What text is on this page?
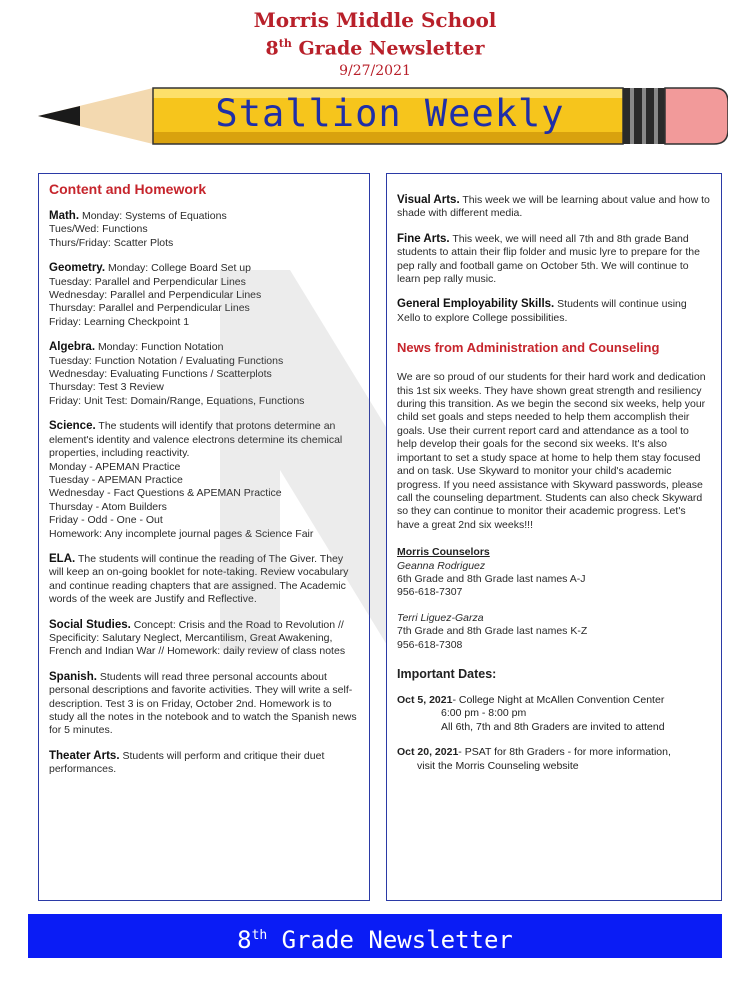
Morris Middle School
8th Grade Newsletter
9/27/2021
Stallion Weekly
Content and Homework
Math. Monday: Systems of Equations
Tues/Wed: Functions
Thurs/Friday: Scatter Plots
Geometry. Monday: College Board Set up
Tuesday: Parallel and Perpendicular Lines
Wednesday: Parallel and Perpendicular Lines
Thursday: Parallel and Perpendicular Lines
Friday: Learning Checkpoint 1
Algebra. Monday: Function Notation
Tuesday: Function Notation / Evaluating Functions
Wednesday: Evaluating Functions / Scatterplots
Thursday: Test 3 Review
Friday: Unit Test: Domain/Range, Equations, Functions
Science. The students will identify that protons determine an element's identity and valence electrons determine its chemical properties, including reactivity.
Monday - APEMAN Practice
Tuesday - APEMAN Practice
Wednesday - Fact Questions & APEMAN Practice
Thursday - Atom Builders
Friday - Odd - One - Out
Homework: Any incomplete journal pages & Science Fair
ELA. The students will continue the reading of The Giver. They will keep an on-going booklet for note-taking. Review vocabulary and continue reading chapters that are assigned. The Academic words of the week are Justify and Reflective.
Social Studies. Concept: Crisis and the Road to Revolution // Specificity: Salutary Neglect, Mercantilism, Great Awakening, French and Indian War // Homework: daily review of class notes
Spanish. Students will read three personal accounts about personal descriptions and favorite activities. They will write a self-description. Test 3 is on Friday, October 2nd. Homework is to study all the notes in the notebook and to watch the Spanish news for 5 minutes.
Theater Arts. Students will perform and critique their duet performances.
Visual Arts. This week we will be learning about value and how to shade with different media.
Fine Arts. This week, we will need all 7th and 8th grade Band students to attain their flip folder and music lyre to prepare for the pep rally and football game on October 5th. We will continue to learn pep rally music.
General Employability Skills. Students will continue using Xello to explore College possibilities.
News from Administration and Counseling
We are so proud of our students for their hard work and dedication this 1st six weeks. They have shown great strength and resiliency during this transition. As we begin the second six weeks, help your child set goals and steps needed to help them accomplish their goals. Use their current report card and attendance as a tool to help develop their goals for the second six weeks. It's also important to set a study space at home to help them stay focused and on task. Use Skyward to monitor your child's academic progress. If you need assistance with Skyward passwords, please call the counseling department. Students can also check Skyward so they can continue to monitor their academic progress. Let's have a great 2nd six weeks!!!
Morris Counselors
Geanna Rodriguez
6th Grade and 8th Grade last names A-J
956-618-7307
Terri Liguez-Garza
7th Grade and 8th Grade last names K-Z
956-618-7308
Important Dates:
Oct 5, 2021- College Night at McAllen Convention Center
6:00 pm - 8:00 pm
All 6th, 7th and 8th Graders are invited to attend
Oct 20, 2021- PSAT for 8th Graders - for more information,
visit the Morris Counseling website
8th Grade Newsletter
